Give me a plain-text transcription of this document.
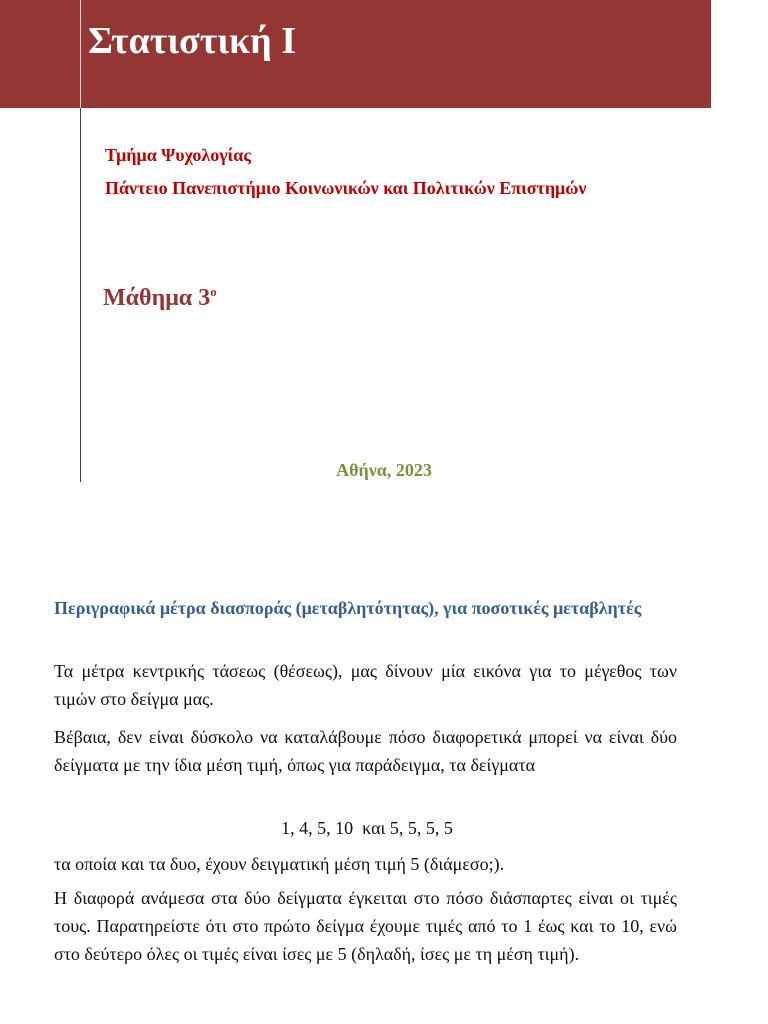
Στατιστική Ι

Τμήμα Ψυχολογίας

Πάντειο Πανεπιστήμιο Κοινωνικών και Πολιτικών Επιστημών

Μάθημα $3^o$

Αθήνα, 2023

Περιγραφικά μέτρα διασποράς (μεταβλητότητας), για ποσοτικές μεταβλητές

Τα μέτρα κεντρικής τάσεως (θέσεως), μας δίνουν μία εικόνα για το μέγεθος των τιμών στο δείγμα μας.

Βέβαια, δεν είναι δύσκολο να καταλάβουμε πόσο διαφορετικά μπορεί να είναι δύο δείγματα με την ίδια μέση τιμή, όπως για παράδειγμα, τα δείγματα

1, 4, 5, 10  και 5, 5, 5, 5

τα οποία και τα δυο, έχουν δειγματική μέση τιμή 5 (διάμεσο;).

Η διαφορά ανάμεσα στα δύο δείγματα έγκειται στο πόσο διάσπαρτες είναι οι τιμές τους. Παρατηρείστε ότι στο πρώτο δείγμα έχουμε τιμές από το 1 έως και το 10, ενώ στο δεύτερο όλες οι τιμές είναι ίσες με 5 (δηλαδή, ίσες με τη μέση τιμή).
